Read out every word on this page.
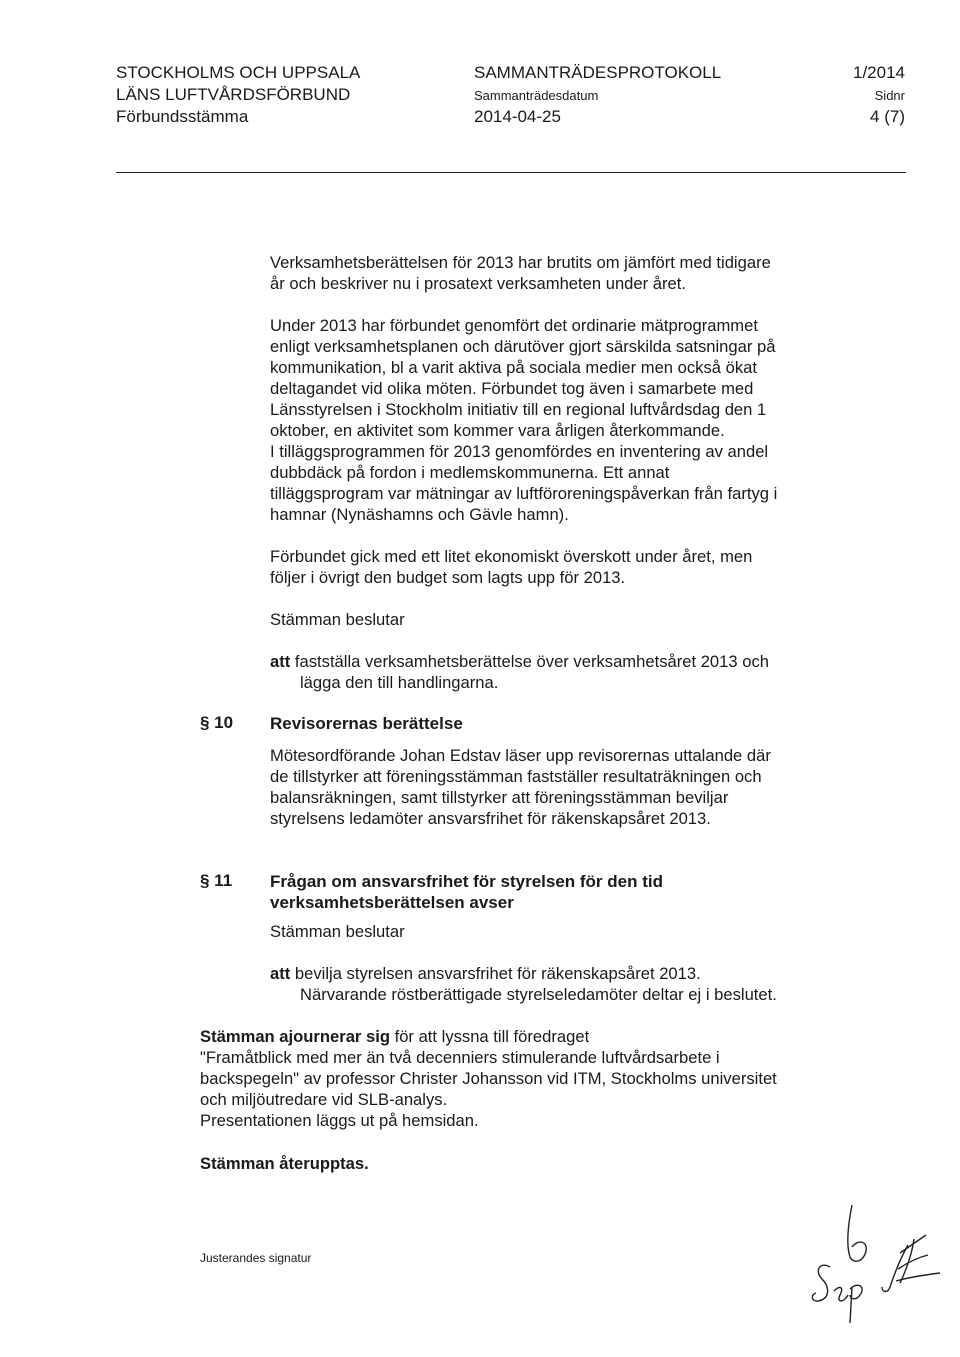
STOCKHOLMS OCH UPPSALA
LÄNS LUFTVÅRDSFÖRBUND
Förbundsstämma
SAMMANTRÄDESPROTOKOLL
Sammanträdesdatum
2014-04-25
1/2014
Sidnr
4 (7)
Verksamhetsberättelsen för 2013 har brutits om jämfört med tidigare
år och beskriver nu i prosatext verksamheten under året.
Under 2013 har förbundet genomfört det ordinarie mätprogrammet
enligt verksamhetsplanen och därutöver gjort särskilda satsningar på
kommunikation, bl a varit aktiva på sociala medier men också ökat
deltagandet vid olika möten. Förbundet tog även i samarbete med
Länsstyrelsen i Stockholm initiativ till en regional luftvårdsdag den 1
oktober, en aktivitet som kommer vara årligen återkommande.
I tilläggsprogrammen för 2013 genomfördes en inventering av andel
dubbdäck på fordon i medlemskommunerna. Ett annat
tilläggsprogram var mätningar av luftföroreningspåverkan från fartyg i
hamnar (Nynäshamns och Gävle hamn).
Förbundet gick med ett litet ekonomiskt överskott under året, men
följer i övrigt den budget som lagts upp för 2013.
Stämman beslutar
att fastställa verksamhetsberättelse över verksamhetsåret 2013 och
lägga den till handlingarna.
§ 10 Revisorernas berättelse
Mötesordförande Johan Edstav läser upp revisorernas uttalande där
de tillstyrker att föreningsstämman fastställer resultaträkningen och
balansräkningen, samt tillstyrker att föreningsstämman beviljar
styrelsens ledamöter ansvarsfrihet för räkenskapsåret 2013.
§ 11 Frågan om ansvarsfrihet för styrelsen för den tid
verksamhetsberättelsen avser
Stämman beslutar
att bevilja styrelsen ansvarsfrihet för räkenskapsåret 2013.
Närvarande röstberättigade styrelseledamöter deltar ej i beslutet.
Stämman ajournerar sig för att lyssna till föredraget
"Framåtblick med mer än två decenniers stimulerande luftvårdsarbete i
backspegeln" av professor Christer Johansson vid ITM, Stockholms universitet
och miljöutredare vid SLB-analys.
Presentationen läggs ut på hemsidan.
Stämman återupptas.
Justerandes signatur
